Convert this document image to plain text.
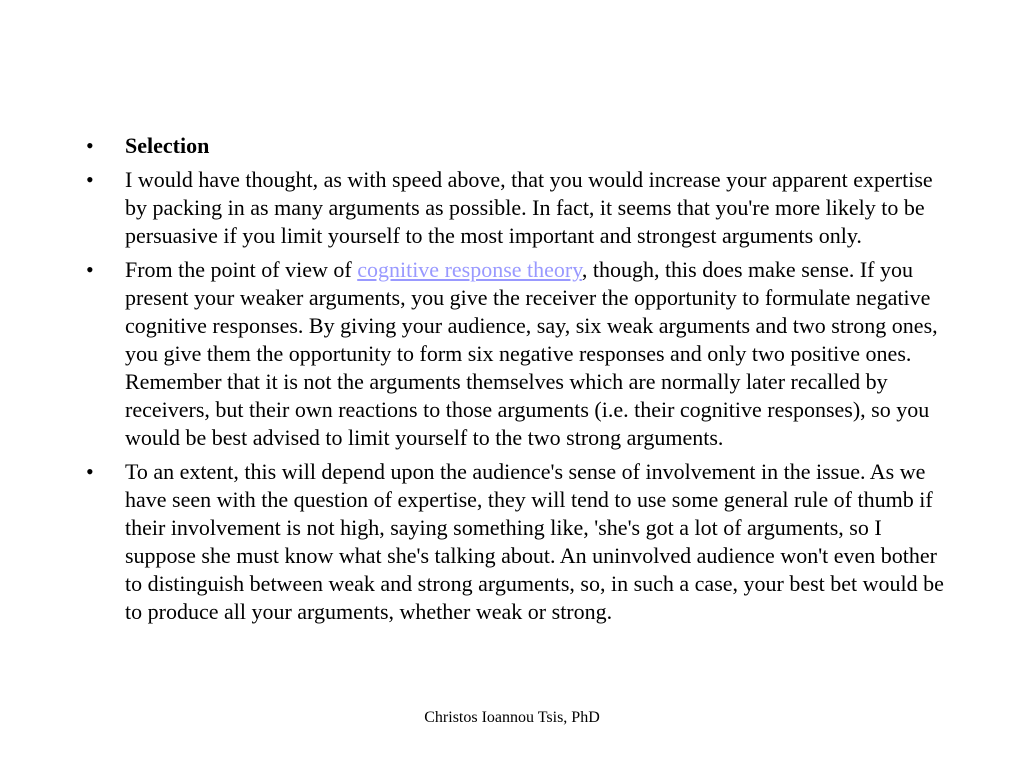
•	Selection
•	I would have thought, as with speed above, that you would increase your apparent expertise by packing in as many arguments as possible. In fact, it seems that you're more likely to be persuasive if you limit yourself to the most important and strongest arguments only.
•	From the point of view of cognitive response theory, though, this does make sense. If you present your weaker arguments, you give the receiver the opportunity to formulate negative cognitive responses. By giving your audience, say, six weak arguments and two strong ones, you give them the opportunity to form six negative responses and only two positive ones. Remember that it is not the arguments themselves which are normally later recalled by receivers, but their own reactions to those arguments (i.e. their cognitive responses), so you would be best advised to limit yourself to the two strong arguments.
•	To an extent, this will depend upon the audience's sense of involvement in the issue. As we have seen with the question of expertise, they will tend to use some general rule of thumb if their involvement is not high, saying something like, 'she's got a lot of arguments, so I suppose she must know what she's talking about. An uninvolved audience won't even bother to distinguish between weak and strong arguments, so, in such a case, your best bet would be to produce all your arguments, whether weak or strong.
Christos Ioannou Tsis, PhD
